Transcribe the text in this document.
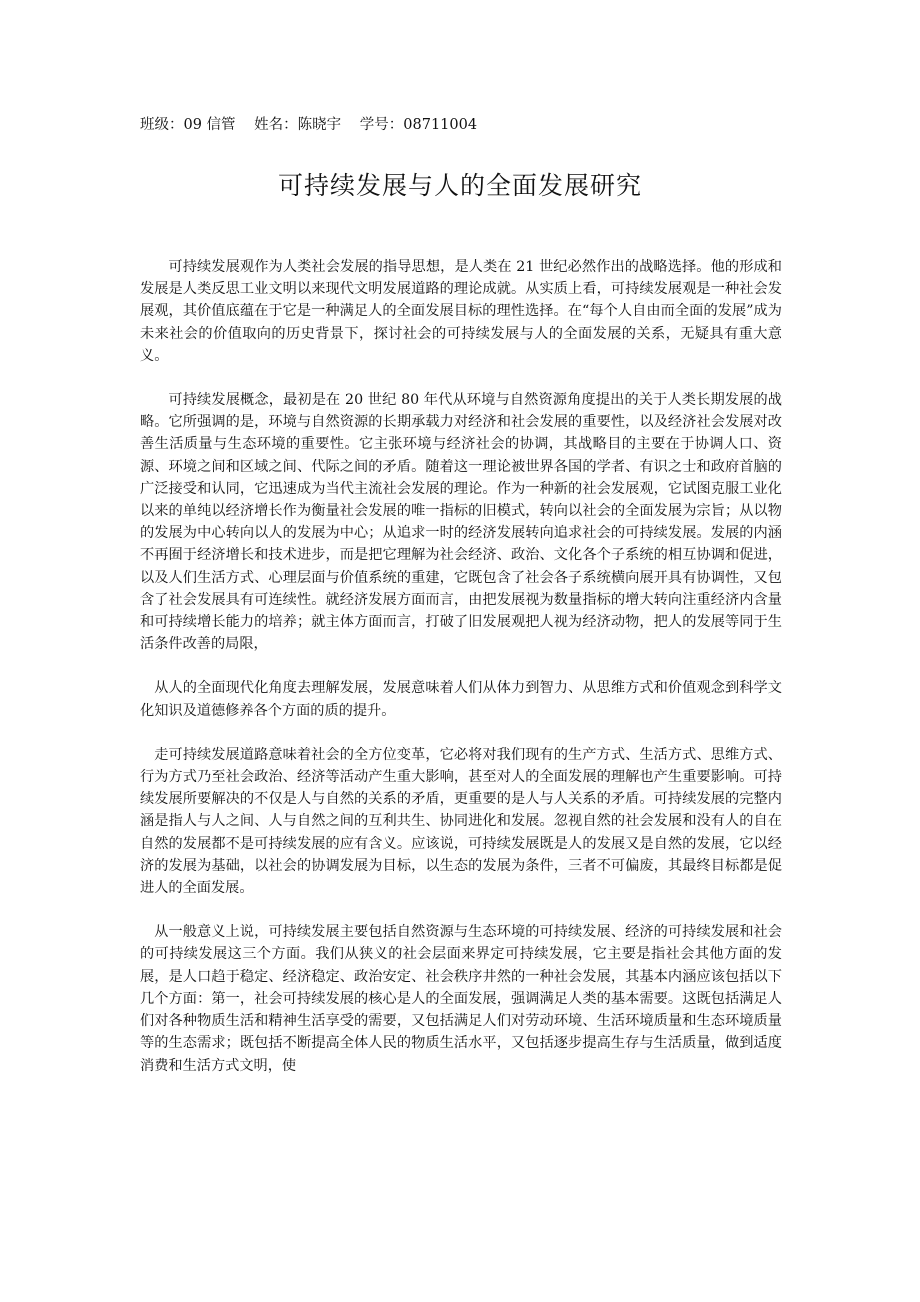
班级：09 信管 姓名：陈晓宇 学号：08711004
可持续发展与人的全面发展研究

可持续发展观作为人类社会发展的指导思想，是人类在 21 世纪必然作出的战略选择。他的形成和发展是人类反思工业文明以来现代文明发展道路的理论成就。从实质上看，可持续发展观是一种社会发展观，其价值底蕴在于它是一种满足人的全面发展目标的理性选择。在“每个人自由而全面的发展”成为未来社会的价值取向的历史背景下，探讨社会的可持续发展与人的全面发展的关系，无疑具有重大意义。

可持续发展概念，最初是在 20 世纪 80 年代从环境与自然资源角度提出的关于人类长期发展的战略。它所强调的是，环境与自然资源的长期承载力对经济和社会发展的重要性，以及经济社会发展对改善生活质量与生态环境的重要性。它主张环境与经济社会的协调，其战略目的主要在于协调人口、资源、环境之间和区域之间、代际之间的矛盾。随着这一理论被世界各国的学者、有识之士和政府首脑的广泛接受和认同，它迅速成为当代主流社会发展的理论。作为一种新的社会发展观，它试图克服工业化以来的单纯以经济增长作为衡量社会发展的唯一指标的旧模式，转向以社会的全面发展为宗旨；从以物的发展为中心转向以人的发展为中心；从追求一时的经济发展转向追求社会的可持续发展。发展的内涵不再囿于经济增长和技术进步，而是把它理解为社会经济、政治、文化各个子系统的相互协调和促进，以及人们生活方式、心理层面与价值系统的重建，它既包含了社会各子系统横向展开具有协调性，又包含了社会发展具有可连续性。就经济发展方面而言，由把发展视为数量指标的增大转向注重经济内含量和可持续增长能力的培养；就主体方面而言，打破了旧发展观把人视为经济动物，把人的发展等同于生活条件改善的局限，

从人的全面现代化角度去理解发展，发展意味着人们从体力到智力、从思维方式和价值观念到科学文化知识及道德修养各个方面的质的提升。

走可持续发展道路意味着社会的全方位变革，它必将对我们现有的生产方式、生活方式、思维方式、行为方式乃至社会政治、经济等活动产生重大影响，甚至对人的全面发展的理解也产生重要影响。可持续发展所要解决的不仅是人与自然的关系的矛盾，更重要的是人与人关系的矛盾。可持续发展的完整内涵是指人与人之间、人与自然之间的互利共生、协同进化和发展。忽视自然的社会发展和没有人的自在自然的发展都不是可持续发展的应有含义。应该说，可持续发展既是人的发展又是自然的发展，它以经济的发展为基础，以社会的协调发展为目标，以生态的发展为条件，三者不可偏废，其最终目标都是促进人的全面发展。

从一般意义上说，可持续发展主要包括自然资源与生态环境的可持续发展、经济的可持续发展和社会的可持续发展这三个方面。我们从狭义的社会层面来界定可持续发展，它主要是指社会其他方面的发展，是人口趋于稳定、经济稳定、政治安定、社会秩序井然的一种社会发展，其基本内涵应该包括以下几个方面：第一，社会可持续发展的核心是人的全面发展，强调满足人类的基本需要。这既包括满足人们对各种物质生活和精神生活享受的需要，又包括满足人们对劳动环境、生活环境质量和生态环境质量等的生态需求；既包括不断提高全体人民的物质生活水平，又包括逐步提高生存与生活质量，做到适度消费和生活方式文明，使
